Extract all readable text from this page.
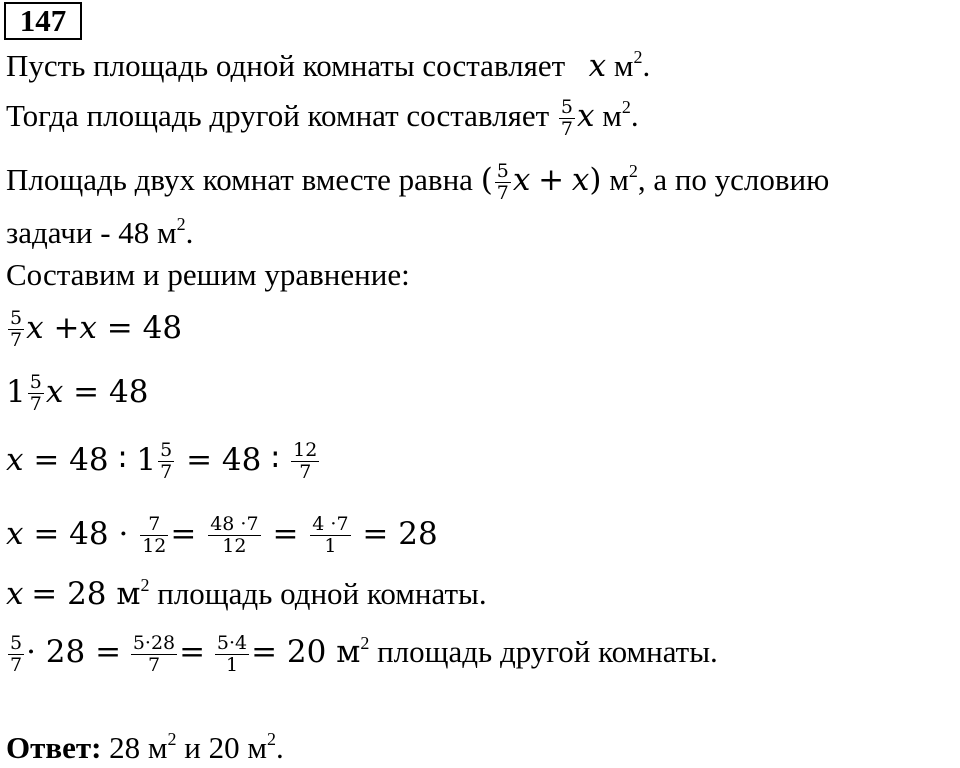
147
Пусть площадь одной комнаты составляет x $м^2$.
Тогда площадь другой комнат составляет $\frac{5}{7}$ x $м^2$.
Площадь двух комнат вместе равна ( $\frac{5}{7}$ x + x) $м^2$, а по условию
задачи - 48 $м^2$.
Составим и решим уравнение:
$\frac{5}{7}$ x +x = 48
$1 \frac{5}{7}$ x = 48
x = 48 ∶ $1 \frac{5}{7} = 48$ ∶ $\frac{12}{7}$
$x = 48 \cdot \frac{7}{12} = \frac{48 \cdot 7}{12} = \frac{4 \cdot 7}{1} = 28$
x = 28 $м^2$ площадь одной комнаты.
$\frac{5}{7} \cdot 28 = \frac{5\cdot 28}{7} = \frac{5\cdot 4}{1} = 20$ $м^2$ площадь другой комнаты.
Ответ: 28 $м^2$ и 20 $м^2$.
